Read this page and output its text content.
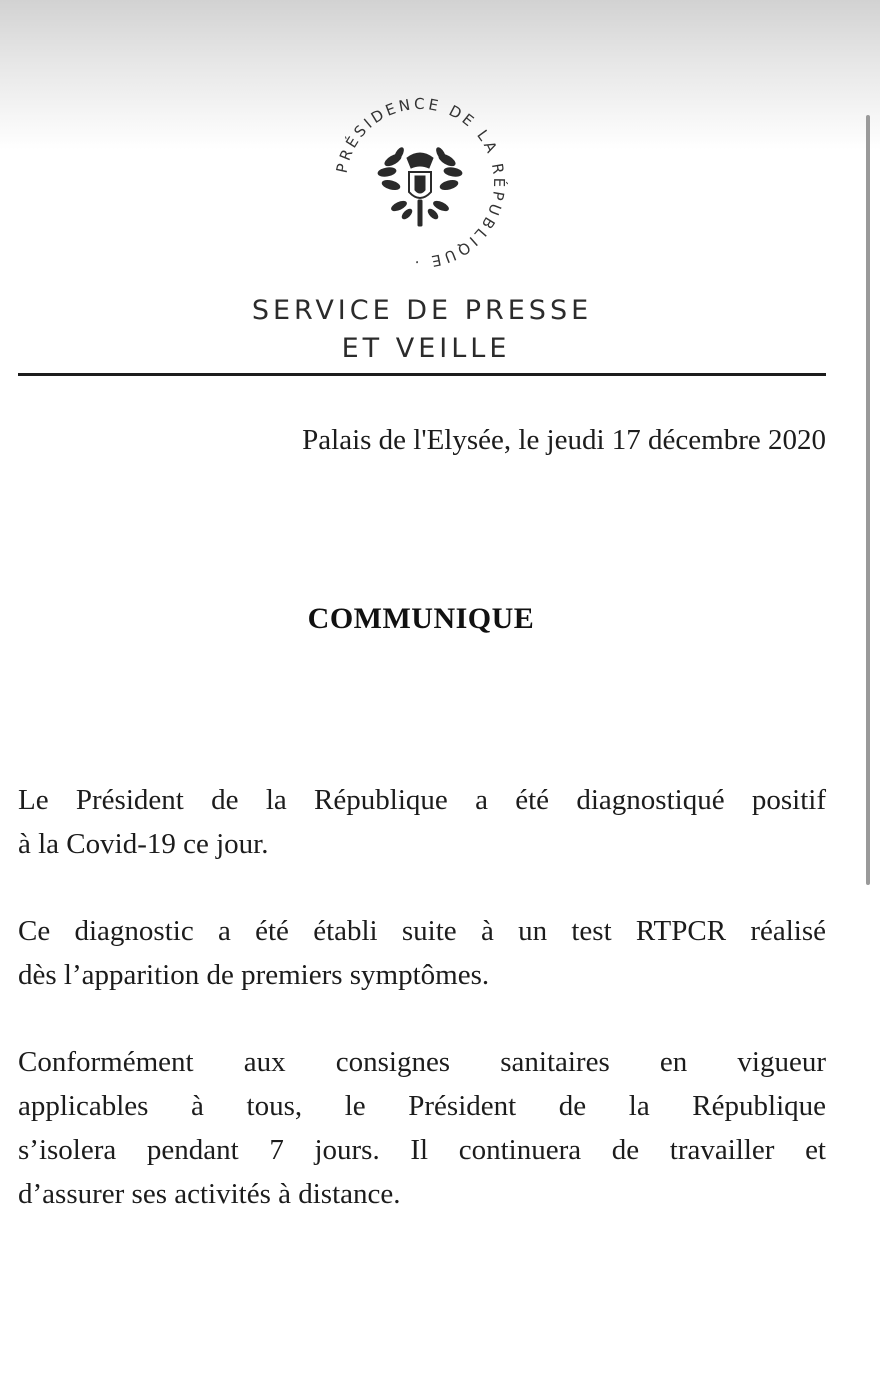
PRÉSIDENCE DE LA RÉPUBLIQUE ·
SERVICE DE PRESSE
ET VEILLE
Palais de l'Elysée, le jeudi 17 décembre 2020
COMMUNIQUE
Le Président de la République a été diagnostiqué positif
à la Covid-19 ce jour.
Ce diagnostic a été établi suite à un test RTPCR réalisé
dès l’apparition de premiers symptômes.
Conformément aux consignes sanitaires en vigueur
applicables à tous, le Président de la République
s’isolera pendant 7 jours. Il continuera de travailler et
d’assurer ses activités à distance.
